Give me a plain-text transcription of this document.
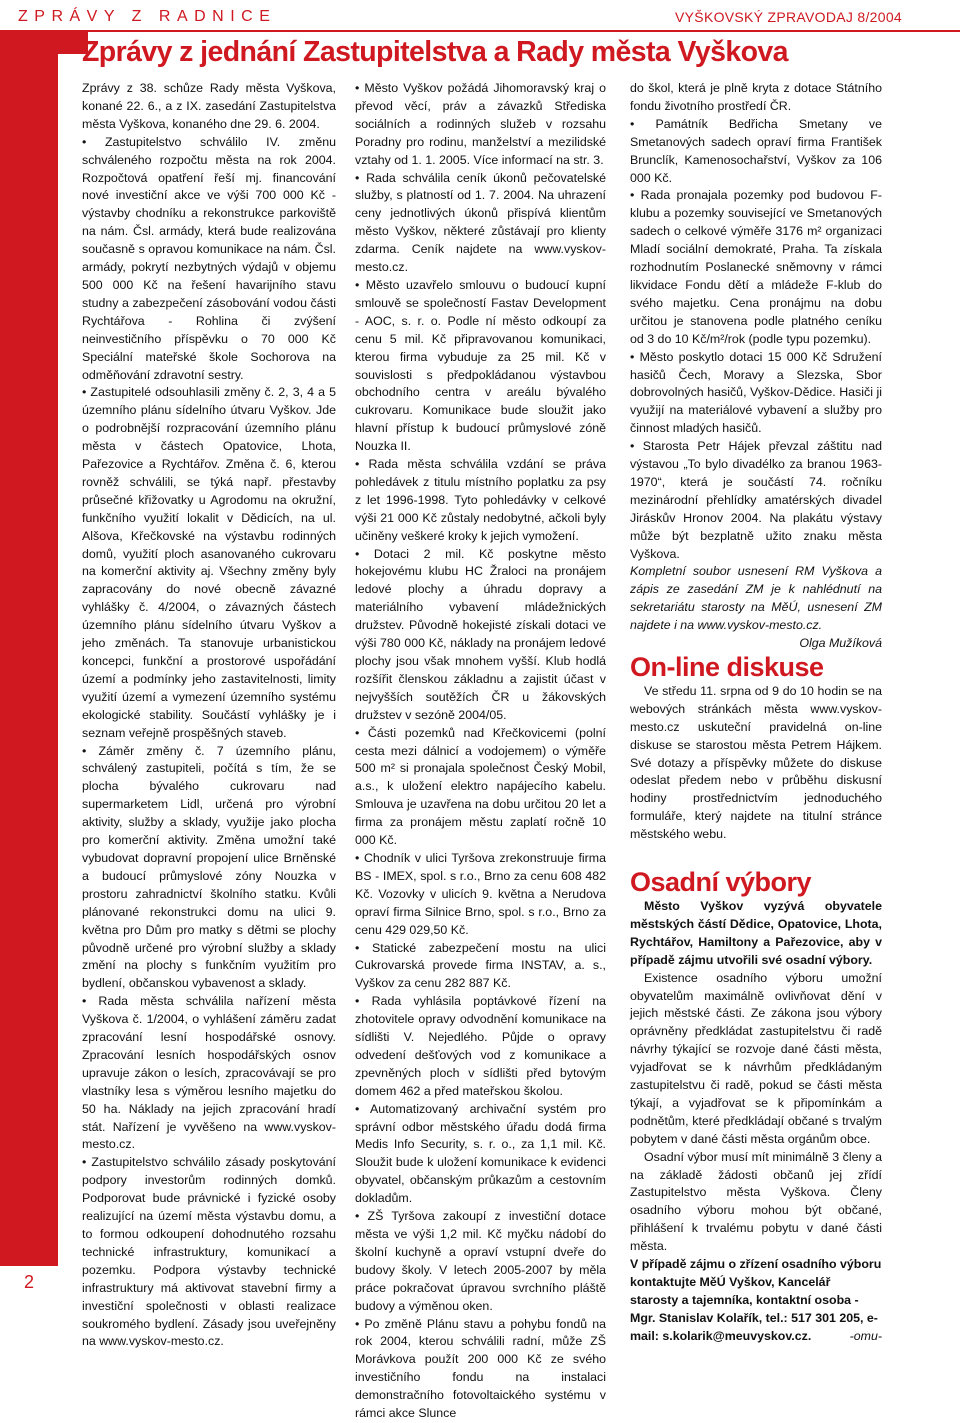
ZPRÁVY Z RADNICE	VYŠKOVSKÝ ZPRAVODAJ 8/2004
2
Zprávy z jednání Zastupitelstva a Rady města Vyškova

Zprávy z 38. schůze Rady města Vyškova, konané 22. 6., a z IX. zasedání Zastupitelstva města Vyškova, konaného dne 29. 6. 2004.

• Zastupitelstvo schválilo IV. změnu schváleného rozpočtu města na rok 2004. Rozpočtová opatření řeší mj. financování nové investiční akce ve výši 700 000 Kč - výstavby chodníku a rekonstrukce parkoviště na nám. Čsl. armády, která bude realizována současně s opravou komunikace na nám. Čsl. armády, pokrytí nezbytných výdajů v objemu 500 000 Kč na řešení havarijního stavu studny a zabezpečení zásobování vodou části Rychtářova - Rohlina či zvýšení neinvestičního příspěvku o 70 000 Kč Speciální mateřské škole Sochorova na odměňování zdravotní sestry.

• Zastupitelé odsouhlasili změny č. 2, 3, 4 a 5 územního plánu sídelního útvaru Vyškov. Jde o podrobnější rozpracování územního plánu města v částech Opatovice, Lhota, Pařezovice a Rychtářov. Změna č. 6, kterou rovněž schválili, se týká např. přestavby průsečné křižovatky u Agrodomu na okružní, funkčního využití lokalit v Dědicích, na ul. Alšova, Křečkovské na výstavbu rodinných domů, využití ploch asanovaného cukrovaru na komerční aktivity aj. Všechny změny byly zapracovány do nové obecně závazné vyhlášky č. 4/2004, o závazných částech územního plánu sídelního útvaru Vyškov a jeho změnách. Ta stanovuje urbanistickou koncepci, funkční a prostorové uspořádání území a podmínky jeho zastavitelnosti, limity využití území a vymezení územního systému ekologické stability. Součástí vyhlášky je i seznam veřejně prospěšných staveb.

• Záměr změny č. 7 územního plánu, schválený zastupiteli, počítá s tím, že se plocha bývalého cukrovaru nad supermarketem Lidl, určená pro výrobní aktivity, služby a sklady, využije jako plocha pro komerční aktivity. Změna umožní také vybudovat dopravní propojení ulice Brněnské a budoucí průmyslové zóny Nouzka v prostoru zahradnictví školního statku. Kvůli plánované rekonstrukci domu na ulici 9. května pro Dům pro matky s dětmi se plochy původně určené pro výrobní služby a sklady změní na plochy s funkčním využitím pro bydlení, občanskou vybavenost a sklady.

• Rada města schválila nařízení města Vyškova č. 1/2004, o vyhlášení záměru zadat zpracování lesní hospodářské osnovy. Zpracování lesních hospodářských osnov upravuje zákon o lesích, zpracovávají se pro vlastníky lesa s výměrou lesního majetku do 50 ha. Náklady na jejich zpracování hradí stát. Nařízení je vyvěšeno na www.vyskov-mesto.cz.

• Zastupitelstvo schválilo zásady poskytování podpory investorům rodinných domků. Podporovat bude právnické i fyzické osoby realizující na území města výstavbu domu, a to formou odkoupení dohodnutého rozsahu technické infrastruktury, komunikací a pozemku. Podpora výstavby technické infrastruktury má aktivovat stavební firmy a investiční společnosti v oblasti realizace soukromého bydlení. Zásady jsou uveřejněny na www.vyskov-mesto.cz.

• Město Vyškov požádá Jihomoravský kraj o převod věcí, práv a závazků Střediska sociálních a rodinných služeb v rozsahu Poradny pro rodinu, manželství a mezilidské vztahy od 1. 1. 2005. Více informací na str. 3.

• Rada schválila ceník úkonů pečovatelské služby, s platností od 1. 7. 2004. Na uhrazení ceny jednotlivých úkonů přispívá klientům město Vyškov, některé zůstávají pro klienty zdarma. Ceník najdete na www.vyskov-mesto.cz.

• Město uzavřelo smlouvu o budoucí kupní smlouvě se společností Fastav Development - AOC, s. r. o. Podle ní město odkoupí za cenu 5 mil. Kč připravovanou komunikaci, kterou firma vybuduje za 25 mil. Kč v souvislosti s předpokládanou výstavbou obchodního centra v areálu bývalého cukrovaru. Komunikace bude sloužit jako hlavní přístup k budoucí průmyslové zóně Nouzka II.

• Rada města schválila vzdání se práva pohledávek z titulu místního poplatku za psy z let 1996-1998. Tyto pohledávky v celkové výši 21 000 Kč zůstaly nedobytné, ačkoli byly učiněny veškeré kroky k jejich vymožení.

• Dotaci 2 mil. Kč poskytne město hokejovému klubu HC Žraloci na pronájem ledové plochy a úhradu dopravy a materiálního vybavení mládežnických družstev. Původně hokejisté získali dotaci ve výši 780 000 Kč, náklady na pronájem ledové plochy jsou však mnohem vyšší. Klub hodlá rozšířit členskou základnu a zajistit účast v nejvyšších soutěžích ČR u žákovských družstev v sezóně 2004/05.

• Části pozemků nad Křečkovicemi (polní cesta mezi dálnicí a vodojemem) o výměře 500 m² si pronajala společnost Český Mobil, a.s., k uložení elektro napájecího kabelu. Smlouva je uzavřena na dobu určitou 20 let a firma za pronájem městu zaplatí ročně 10 000 Kč.

• Chodník v ulici Tyršova zrekonstruuje firma BS - IMEX, spol. s r.o., Brno za cenu 608 482 Kč. Vozovky v ulicích 9. května a Nerudova opraví firma Silnice Brno, spol. s r.o., Brno za cenu 429 029,50 Kč.

• Statické zabezpečení mostu na ulici Cukrovarská provede firma INSTAV, a. s., Vyškov za cenu 282 887 Kč.

• Rada vyhlásila poptávkové řízení na zhotovitele opravy odvodnění komunikace na sídlišti V. Nejedlého. Půjde o opravy odvedení dešťových vod z komunikace a zpevněných ploch v sídlišti před bytovým domem 462 a před mateřskou školou.

• Automatizovaný archivační systém pro správní odbor městského úřadu dodá firma Medis Info Security, s. r. o., za 1,1 mil. Kč. Sloužit bude k uložení komunikace k evidenci obyvatel, občanským průkazům a cestovním dokladům.

• ZŠ Tyršova zakoupí z investiční dotace města ve výši 1,2 mil. Kč myčku nádobí do školní kuchyně a opraví vstupní dveře do budovy školy. V letech 2005-2007 by měla práce pokračovat úpravou svrchního pláště budovy a výměnou oken.

• Po změně Plánu stavu a pohybu fondů na rok 2004, kterou schválili radní, může ZŠ Morávkova použít 200 000 Kč ze svého investičního fondu na instalaci demonstračního fotovoltaického systému v rámci akce Slunce

do škol, která je plně kryta z dotace Státního fondu životního prostředí ČR.

• Památník Bedřicha Smetany ve Smetanových sadech opraví firma František Brunclík, Kamenosochařství, Vyškov za 106 000 Kč.

• Rada pronajala pozemky pod budovou F-klubu a pozemky související ve Smetanových sadech o celkové výměře 3176 m² organizaci Mladí sociální demokraté, Praha. Ta získala rozhodnutím Poslanecké sněmovny v rámci likvidace Fondu dětí a mládeže F-klub do svého majetku. Cena pronájmu na dobu určitou je stanovena podle platného ceníku od 3 do 10 Kč/m²/rok (podle typu pozemku).

• Město poskytlo dotaci 15 000 Kč Sdružení hasičů Čech, Moravy a Slezska, Sbor dobrovolných hasičů, Vyškov-Dědice. Hasiči ji využijí na materiálové vybavení a služby pro činnost mladých hasičů.

• Starosta Petr Hájek převzal záštitu nad výstavou „To bylo divadélko za branou 1963-1970“, která je součástí 74. ročníku mezinárodní přehlídky amatérských divadel Jiráskův Hronov 2004. Na plakátu výstavy může být bezplatně užito znaku města Vyškova.

Kompletní soubor usnesení RM Vyškova a zápis ze zasedání ZM je k nahlédnutí na sekretariátu starosty na MěÚ, usnesení ZM najdete i na www.vyskov-mesto.cz.

Olga Mužíková

On-line diskuse

Ve středu 11. srpna od 9 do 10 hodin se na webových stránkách města www.vyskov-mesto.cz uskuteční pravidelná on-line diskuse se starostou města Petrem Hájkem. Své dotazy a příspěvky můžete do diskuse odeslat předem nebo v průběhu diskusní hodiny prostřednictvím jednoduchého formuláře, který najdete na titulní stránce městského webu.

Osadní výbory

Město Vyškov vyzývá obyvatele městských částí Dědice, Opatovice, Lhota, Rychtářov, Hamiltony a Pařezovice, aby v případě zájmu utvořili své osadní výbory.

Existence osadního výboru umožní obyvatelům maximálně ovlivňovat dění v jejich městské části. Ze zákona jsou výbory oprávněny předkládat zastupitelstvu či radě návrhy týkající se rozvoje dané části města, vyjadřovat se k návrhům předkládaným zastupitelstvu či radě, pokud se části města týkají, a vyjadřovat se k připomínkám a podnětům, které předkládají občané s trvalým pobytem v dané části města orgánům obce.

Osadní výbor musí mít minimálně 3 členy a na základě žádosti občanů jej zřídí Zastupitelstvo města Vyškova. Členy osadního výboru mohou být občané, přihlášení k trvalému pobytu v dané části města.

V případě zájmu o zřízení osadního výboru kontaktujte MěÚ Vyškov, Kancelář starosty a tajemníka, kontaktní osoba - Mgr. Stanislav Kolařík, tel.: 517 301 205, e-mail: s.kolarik@meuvyskov.cz.	-omu-
